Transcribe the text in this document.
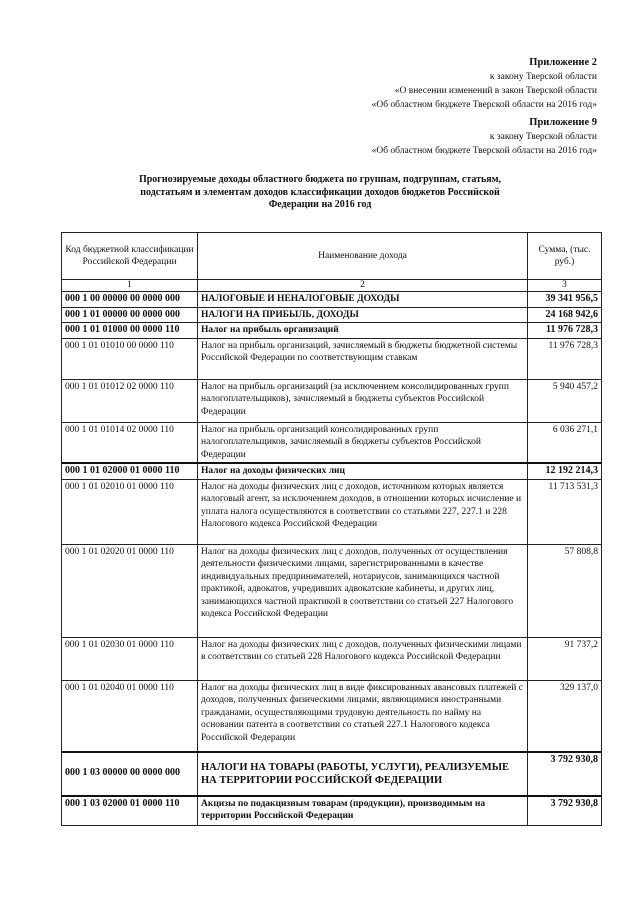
Приложение 2
к закону Тверской области
«О внесении изменений в закон Тверской области
«Об областном бюджете Тверской области на 2016 год»
Приложение 9
к закону Тверской области
«Об областном бюджете Тверской области на 2016 год»
Прогнозируемые доходы областного бюджета по группам, подгруппам, статьям, подстатьям и элементам доходов классификации доходов бюджетов Российской Федерации на 2016 год
Код бюджетной классификации Российской Федерации	Наименование дохода	Сумма, (тыс. руб.)
1	2	3
000 1 00 00000 00 0000 000	НАЛОГОВЫЕ И НЕНАЛОГОВЫЕ ДОХОДЫ	39 341 956,5
000 1 01 00000 00 0000 000	НАЛОГИ НА ПРИБЫЛЬ, ДОХОДЫ	24 168 942,6
000 1 01 01000 00 0000 110	Налог на прибыль организаций	11 976 728,3
000 1 01 01010 00 0000 110	Налог на прибыль организаций, зачисляемый в бюджеты бюджетной системы Российской Федерации по соответствующим ставкам	11 976 728,3
000 1 01 01012 02 0000 110	Налог на прибыль организаций (за исключением консолидированных групп налогоплательщиков), зачисляемый в бюджеты субъектов Российской Федерации	5 940 457,2
000 1 01 01014 02 0000 110	Налог на прибыль организаций консолидированных групп налогоплательщиков, зачисляемый в бюджеты субъектов Российской Федерации	6 036 271,1
000 1 01 02000 01 0000 110	Налог на доходы физических лиц	12 192 214,3
000 1 01 02010 01 0000 110	Налог на доходы физических лиц с доходов, источником которых является налоговый агент, за исключением доходов, в отношении которых исчисление и уплата налога осуществляются в соответствии со статьями 227, 227.1 и 228 Налогового кодекса Российской Федерации	11 713 531,3
000 1 01 02020 01 0000 110	Налог на доходы физических лиц с доходов, полученных от осуществления деятельности физическими лицами, зарегистрированными в качестве индивидуальных предпринимателей, нотариусов, занимающихся частной практикой, адвокатов, учредивших адвокатские кабинеты, и других лиц, занимающихся частной практикой в соответствии со статьей 227 Налогового кодекса Российской Федерации	57 808,8
000 1 01 02030 01 0000 110	Налог на доходы физических лиц с доходов, полученных физическими лицами в соответствии со статьей 228 Налогового кодекса Российской Федерации	91 737,2
000 1 01 02040 01 0000 110	Налог на доходы физических лиц в виде фиксированных авансовых платежей с доходов, полученных физическими лицами, являющимися иностранными гражданами, осуществляющими трудовую деятельность по найму на основании патента в соответствии со статьей 227.1 Налогового кодекса Российской Федерации	329 137,0
000 1 03 00000 00 0000 000	НАЛОГИ НА ТОВАРЫ (РАБОТЫ, УСЛУГИ), РЕАЛИЗУЕМЫЕ НА ТЕРРИТОРИИ РОССИЙСКОЙ ФЕДЕРАЦИИ	3 792 930,8
000 1 03 02000 01 0000 110	Акцизы по подакцизным товарам (продукции), производимым на территории Российской Федерации	3 792 930,8
